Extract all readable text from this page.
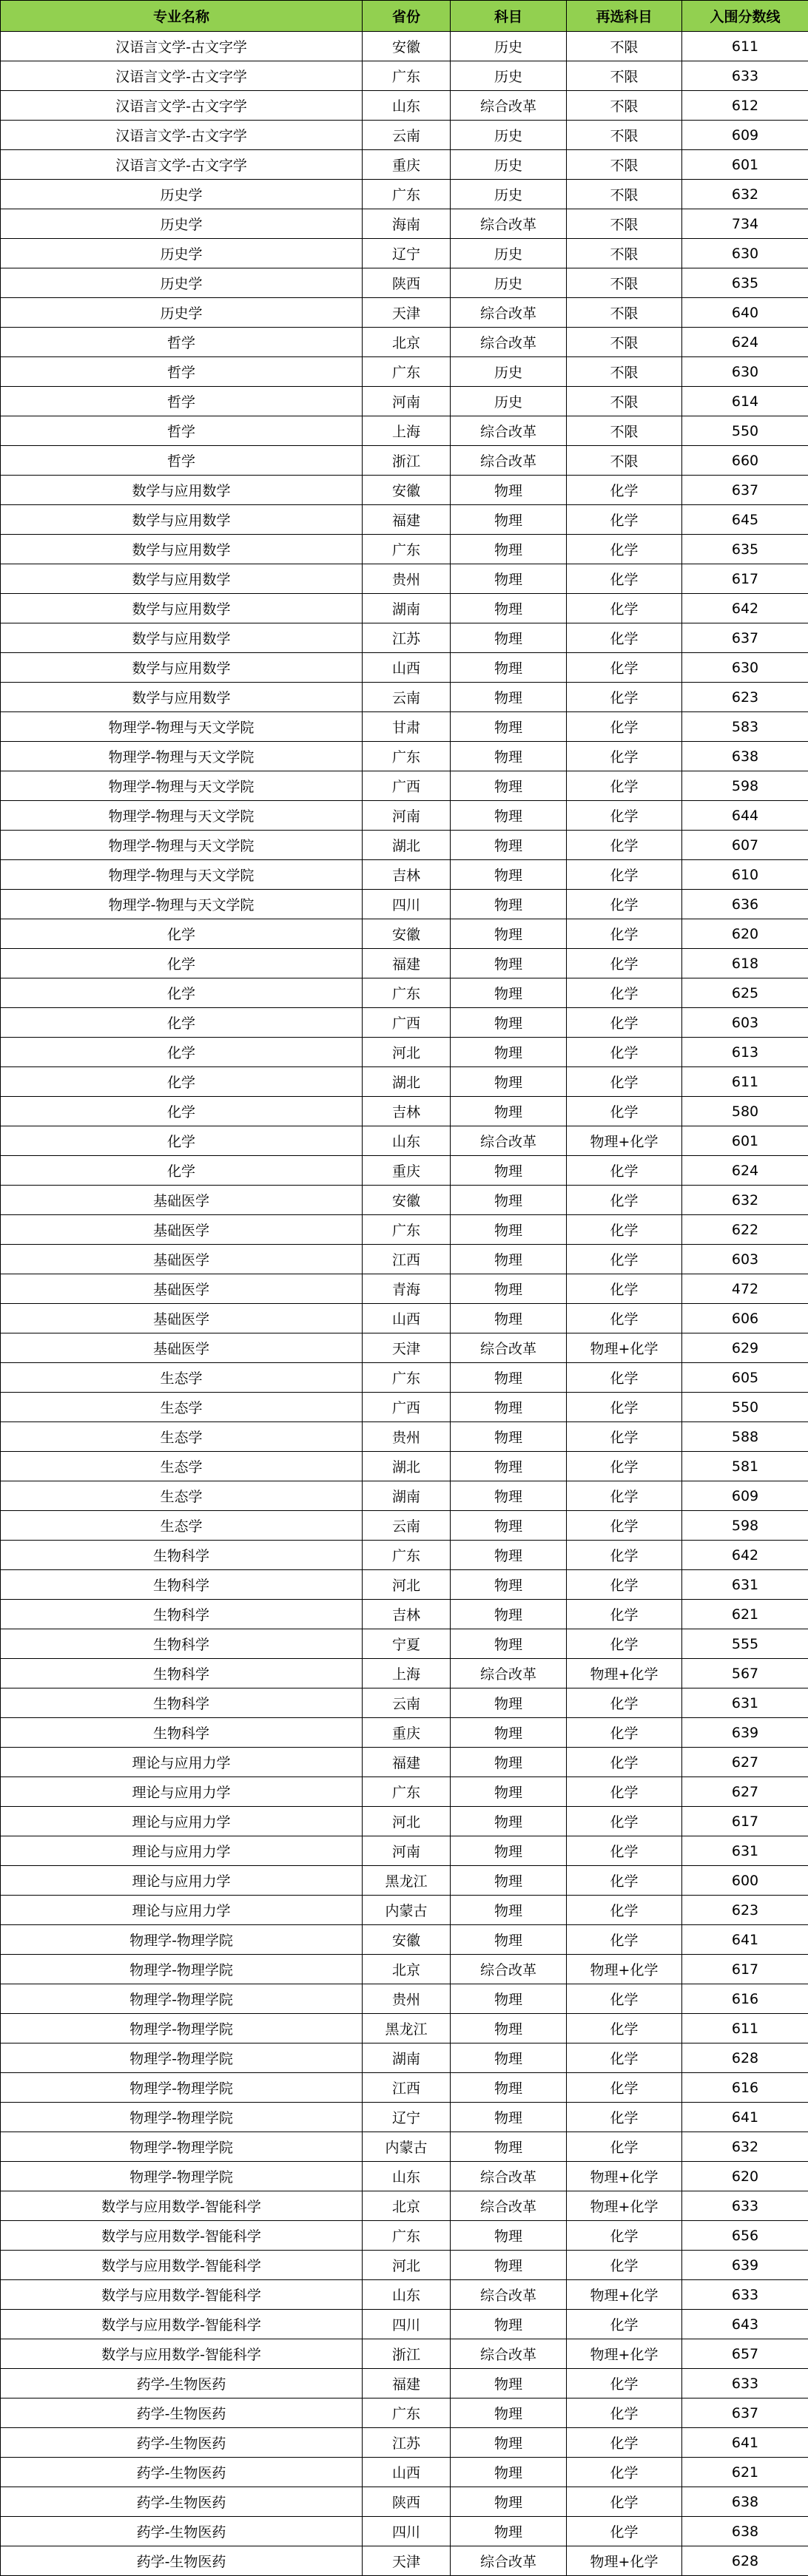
专业名称	省份	科目	再选科目	入围分数线
汉语言文学-古文字学	安徽	历史	不限	611
汉语言文学-古文字学	广东	历史	不限	633
汉语言文学-古文字学	山东	综合改革	不限	612
汉语言文学-古文字学	云南	历史	不限	609
汉语言文学-古文字学	重庆	历史	不限	601
历史学	广东	历史	不限	632
历史学	海南	综合改革	不限	734
历史学	辽宁	历史	不限	630
历史学	陕西	历史	不限	635
历史学	天津	综合改革	不限	640
哲学	北京	综合改革	不限	624
哲学	广东	历史	不限	630
哲学	河南	历史	不限	614
哲学	上海	综合改革	不限	550
哲学	浙江	综合改革	不限	660
数学与应用数学	安徽	物理	化学	637
数学与应用数学	福建	物理	化学	645
数学与应用数学	广东	物理	化学	635
数学与应用数学	贵州	物理	化学	617
数学与应用数学	湖南	物理	化学	642
数学与应用数学	江苏	物理	化学	637
数学与应用数学	山西	物理	化学	630
数学与应用数学	云南	物理	化学	623
物理学-物理与天文学院	甘肃	物理	化学	583
物理学-物理与天文学院	广东	物理	化学	638
物理学-物理与天文学院	广西	物理	化学	598
物理学-物理与天文学院	河南	物理	化学	644
物理学-物理与天文学院	湖北	物理	化学	607
物理学-物理与天文学院	吉林	物理	化学	610
物理学-物理与天文学院	四川	物理	化学	636
化学	安徽	物理	化学	620
化学	福建	物理	化学	618
化学	广东	物理	化学	625
化学	广西	物理	化学	603
化学	河北	物理	化学	613
化学	湖北	物理	化学	611
化学	吉林	物理	化学	580
化学	山东	综合改革	物理+化学	601
化学	重庆	物理	化学	624
基础医学	安徽	物理	化学	632
基础医学	广东	物理	化学	622
基础医学	江西	物理	化学	603
基础医学	青海	物理	化学	472
基础医学	山西	物理	化学	606
基础医学	天津	综合改革	物理+化学	629
生态学	广东	物理	化学	605
生态学	广西	物理	化学	550
生态学	贵州	物理	化学	588
生态学	湖北	物理	化学	581
生态学	湖南	物理	化学	609
生态学	云南	物理	化学	598
生物科学	广东	物理	化学	642
生物科学	河北	物理	化学	631
生物科学	吉林	物理	化学	621
生物科学	宁夏	物理	化学	555
生物科学	上海	综合改革	物理+化学	567
生物科学	云南	物理	化学	631
生物科学	重庆	物理	化学	639
理论与应用力学	福建	物理	化学	627
理论与应用力学	广东	物理	化学	627
理论与应用力学	河北	物理	化学	617
理论与应用力学	河南	物理	化学	631
理论与应用力学	黑龙江	物理	化学	600
理论与应用力学	内蒙古	物理	化学	623
物理学-物理学院	安徽	物理	化学	641
物理学-物理学院	北京	综合改革	物理+化学	617
物理学-物理学院	贵州	物理	化学	616
物理学-物理学院	黑龙江	物理	化学	611
物理学-物理学院	湖南	物理	化学	628
物理学-物理学院	江西	物理	化学	616
物理学-物理学院	辽宁	物理	化学	641
物理学-物理学院	内蒙古	物理	化学	632
物理学-物理学院	山东	综合改革	物理+化学	620
数学与应用数学-智能科学	北京	综合改革	物理+化学	633
数学与应用数学-智能科学	广东	物理	化学	656
数学与应用数学-智能科学	河北	物理	化学	639
数学与应用数学-智能科学	山东	综合改革	物理+化学	633
数学与应用数学-智能科学	四川	物理	化学	643
数学与应用数学-智能科学	浙江	综合改革	物理+化学	657
药学-生物医药	福建	物理	化学	633
药学-生物医药	广东	物理	化学	637
药学-生物医药	江苏	物理	化学	641
药学-生物医药	山西	物理	化学	621
药学-生物医药	陕西	物理	化学	638
药学-生物医药	四川	物理	化学	638
药学-生物医药	天津	综合改革	物理+化学	628
